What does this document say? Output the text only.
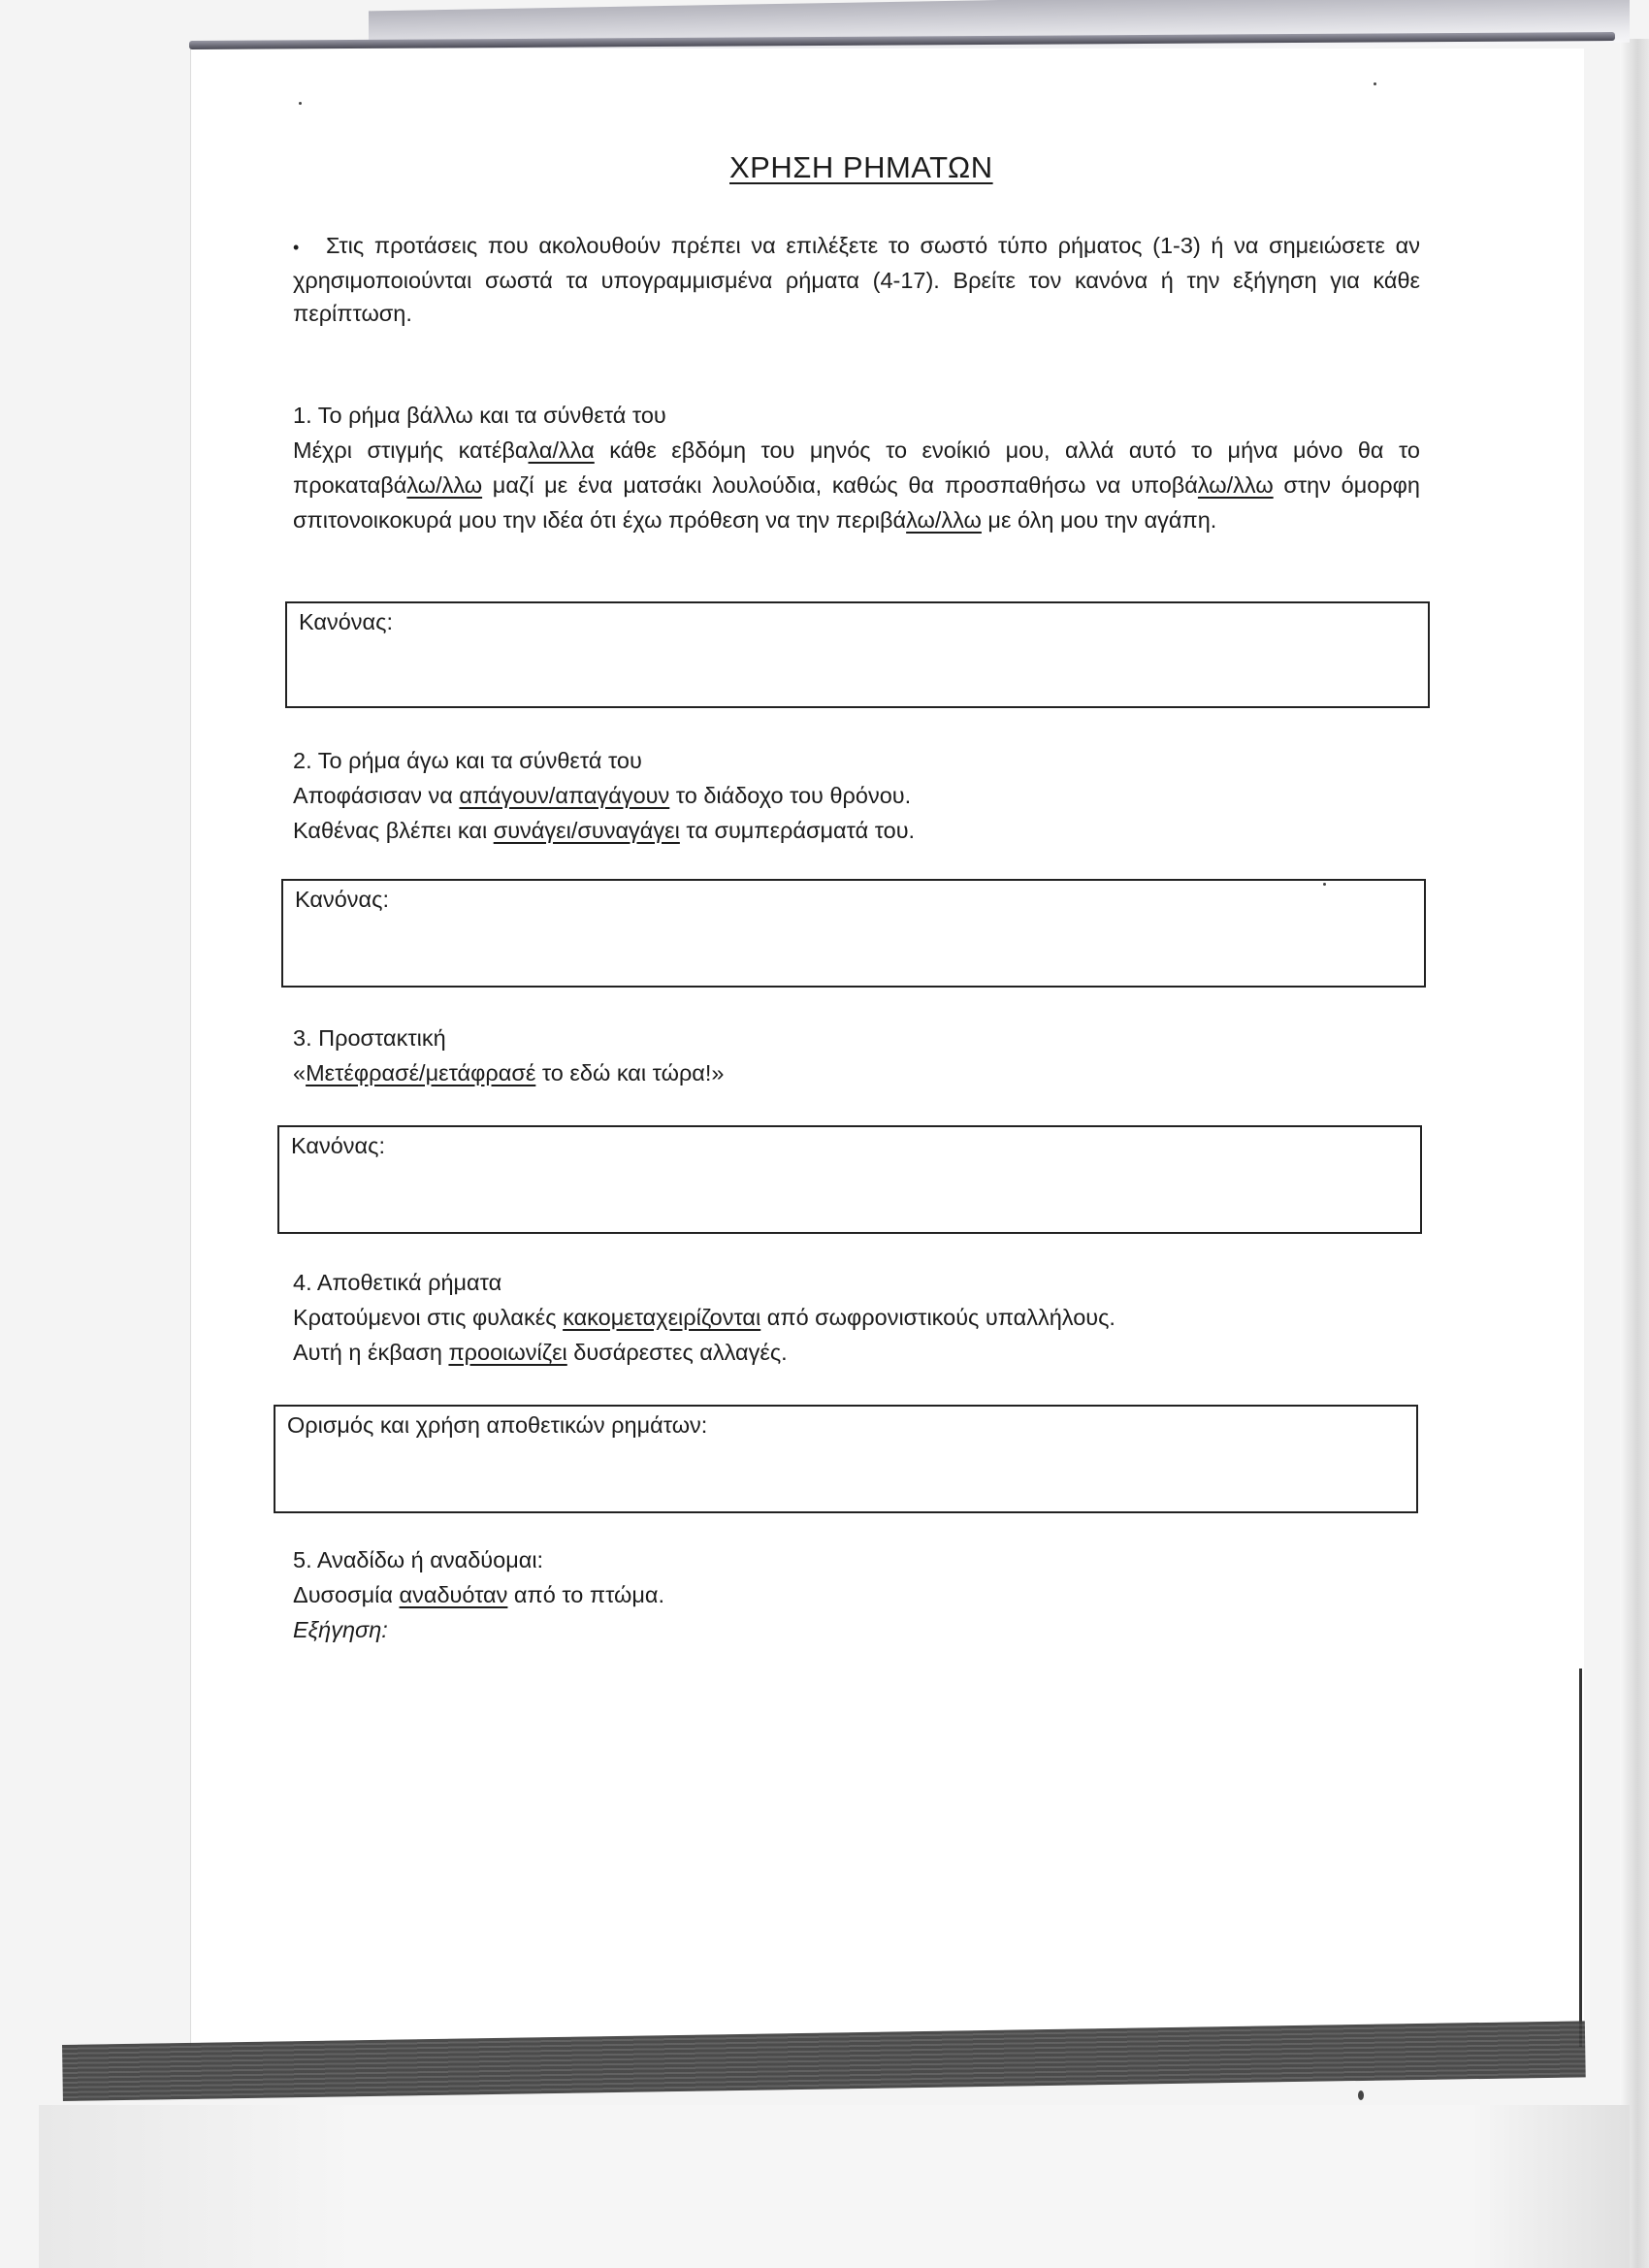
ΧΡΗΣΗ ΡΗΜΑΤΩΝ
• Στις προτάσεις που ακολουθούν πρέπει να επιλέξετε το σωστό τύπο ρήματος (1-3) ή να σημειώσετε αν χρησιμοποιούνται σωστά τα υπογραμμισμένα ρήματα (4-17). Βρείτε τον κανόνα ή την εξήγηση για κάθε περίπτωση.
1. Το ρήμα βάλλω και τα σύνθετά του

Μέχρι στιγμής κατέβαλα/λλα κάθε εβδόμη του μηνός το ενοίκιό μου, αλλά αυτό το μήνα μόνο θα το προκαταβάλω/λλω μαζί με ένα ματσάκι λουλούδια, καθώς θα προσπαθήσω να υποβάλω/λλω στην όμορφη σπιτονοικοκυρά μου την ιδέα ότι έχω πρόθεση να την περιβάλω/λλω με όλη μου την αγάπη.

Κανόνας:
2. Το ρήμα άγω και τα σύνθετά του

Αποφάσισαν να απάγουν/απαγάγουν το διάδοχο του θρόνου.

Καθένας βλέπει και συνάγει/συναγάγει τα συμπεράσματά του.

Κανόνας:
3. Προστακτική

«Μετέφρασέ/μετάφρασέ το εδώ και τώρα!»

Κανόνας:
4. Αποθετικά ρήματα

Κρατούμενοι στις φυλακές κακομεταχειρίζονται από σωφρονιστικούς υπαλλήλους.

Αυτή η έκβαση προοιωνίζει δυσάρεστες αλλαγές.

Ορισμός και χρήση αποθετικών ρημάτων:
5. Αναδίδω ή αναδύομαι:

Δυσοσμία αναδυόταν από το πτώμα.

Εξήγηση:
